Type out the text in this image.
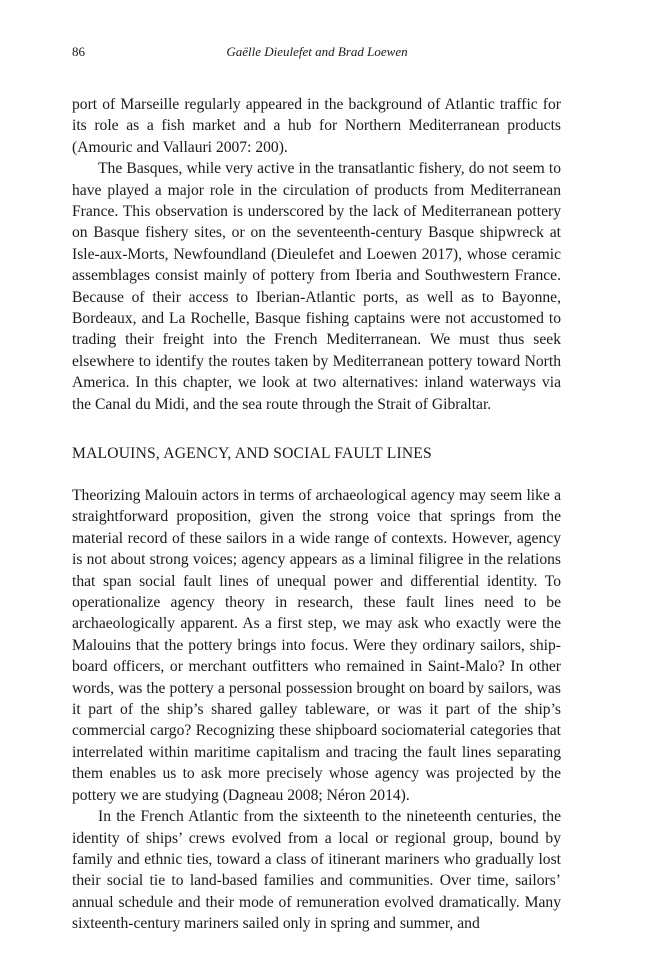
86	Gaëlle Dieulefet and Brad Loewen

port of Marseille regularly appeared in the background of Atlantic traffic for its role as a fish market and a hub for Northern Mediterranean products (Amouric and Vallauri 2007: 200).

The Basques, while very active in the transatlantic fishery, do not seem to have played a major role in the circulation of products from Mediterranean France. This observation is underscored by the lack of Mediterranean pottery on Basque fishery sites, or on the seventeenth-century Basque shipwreck at Isle-aux-Morts, Newfoundland (Dieulefet and Loewen 2017), whose ceramic assemblages consist mainly of pottery from Iberia and Southwestern France. Because of their access to Iberian-Atlantic ports, as well as to Bayonne, Bordeaux, and La Rochelle, Basque fishing captains were not accustomed to trading their freight into the French Mediterranean. We must thus seek elsewhere to identify the routes taken by Mediterranean pottery toward North America. In this chapter, we look at two alternatives: inland waterways via the Canal du Midi, and the sea route through the Strait of Gibraltar.

MALOUINS, AGENCY, AND SOCIAL FAULT LINES

Theorizing Malouin actors in terms of archaeological agency may seem like a straightforward proposition, given the strong voice that springs from the material record of these sailors in a wide range of contexts. However, agency is not about strong voices; agency appears as a liminal filigree in the relations that span social fault lines of unequal power and differential identity. To operationalize agency theory in research, these fault lines need to be archaeologically apparent. As a first step, we may ask who exactly were the Malouins that the pottery brings into focus. Were they ordinary sailors, shipboard officers, or merchant outfitters who remained in Saint-Malo? In other words, was the pottery a personal possession brought on board by sailors, was it part of the ship’s shared galley tableware, or was it part of the ship’s commercial cargo? Recognizing these shipboard sociomaterial categories that interrelated within maritime capitalism and tracing the fault lines separating them enables us to ask more precisely whose agency was projected by the pottery we are studying (Dagneau 2008; Néron 2014).

In the French Atlantic from the sixteenth to the nineteenth centuries, the identity of ships’ crews evolved from a local or regional group, bound by family and ethnic ties, toward a class of itinerant mariners who gradually lost their social tie to land-based families and communities. Over time, sailors’ annual schedule and their mode of remuneration evolved dramatically. Many sixteenth-century mariners sailed only in spring and summer, and
